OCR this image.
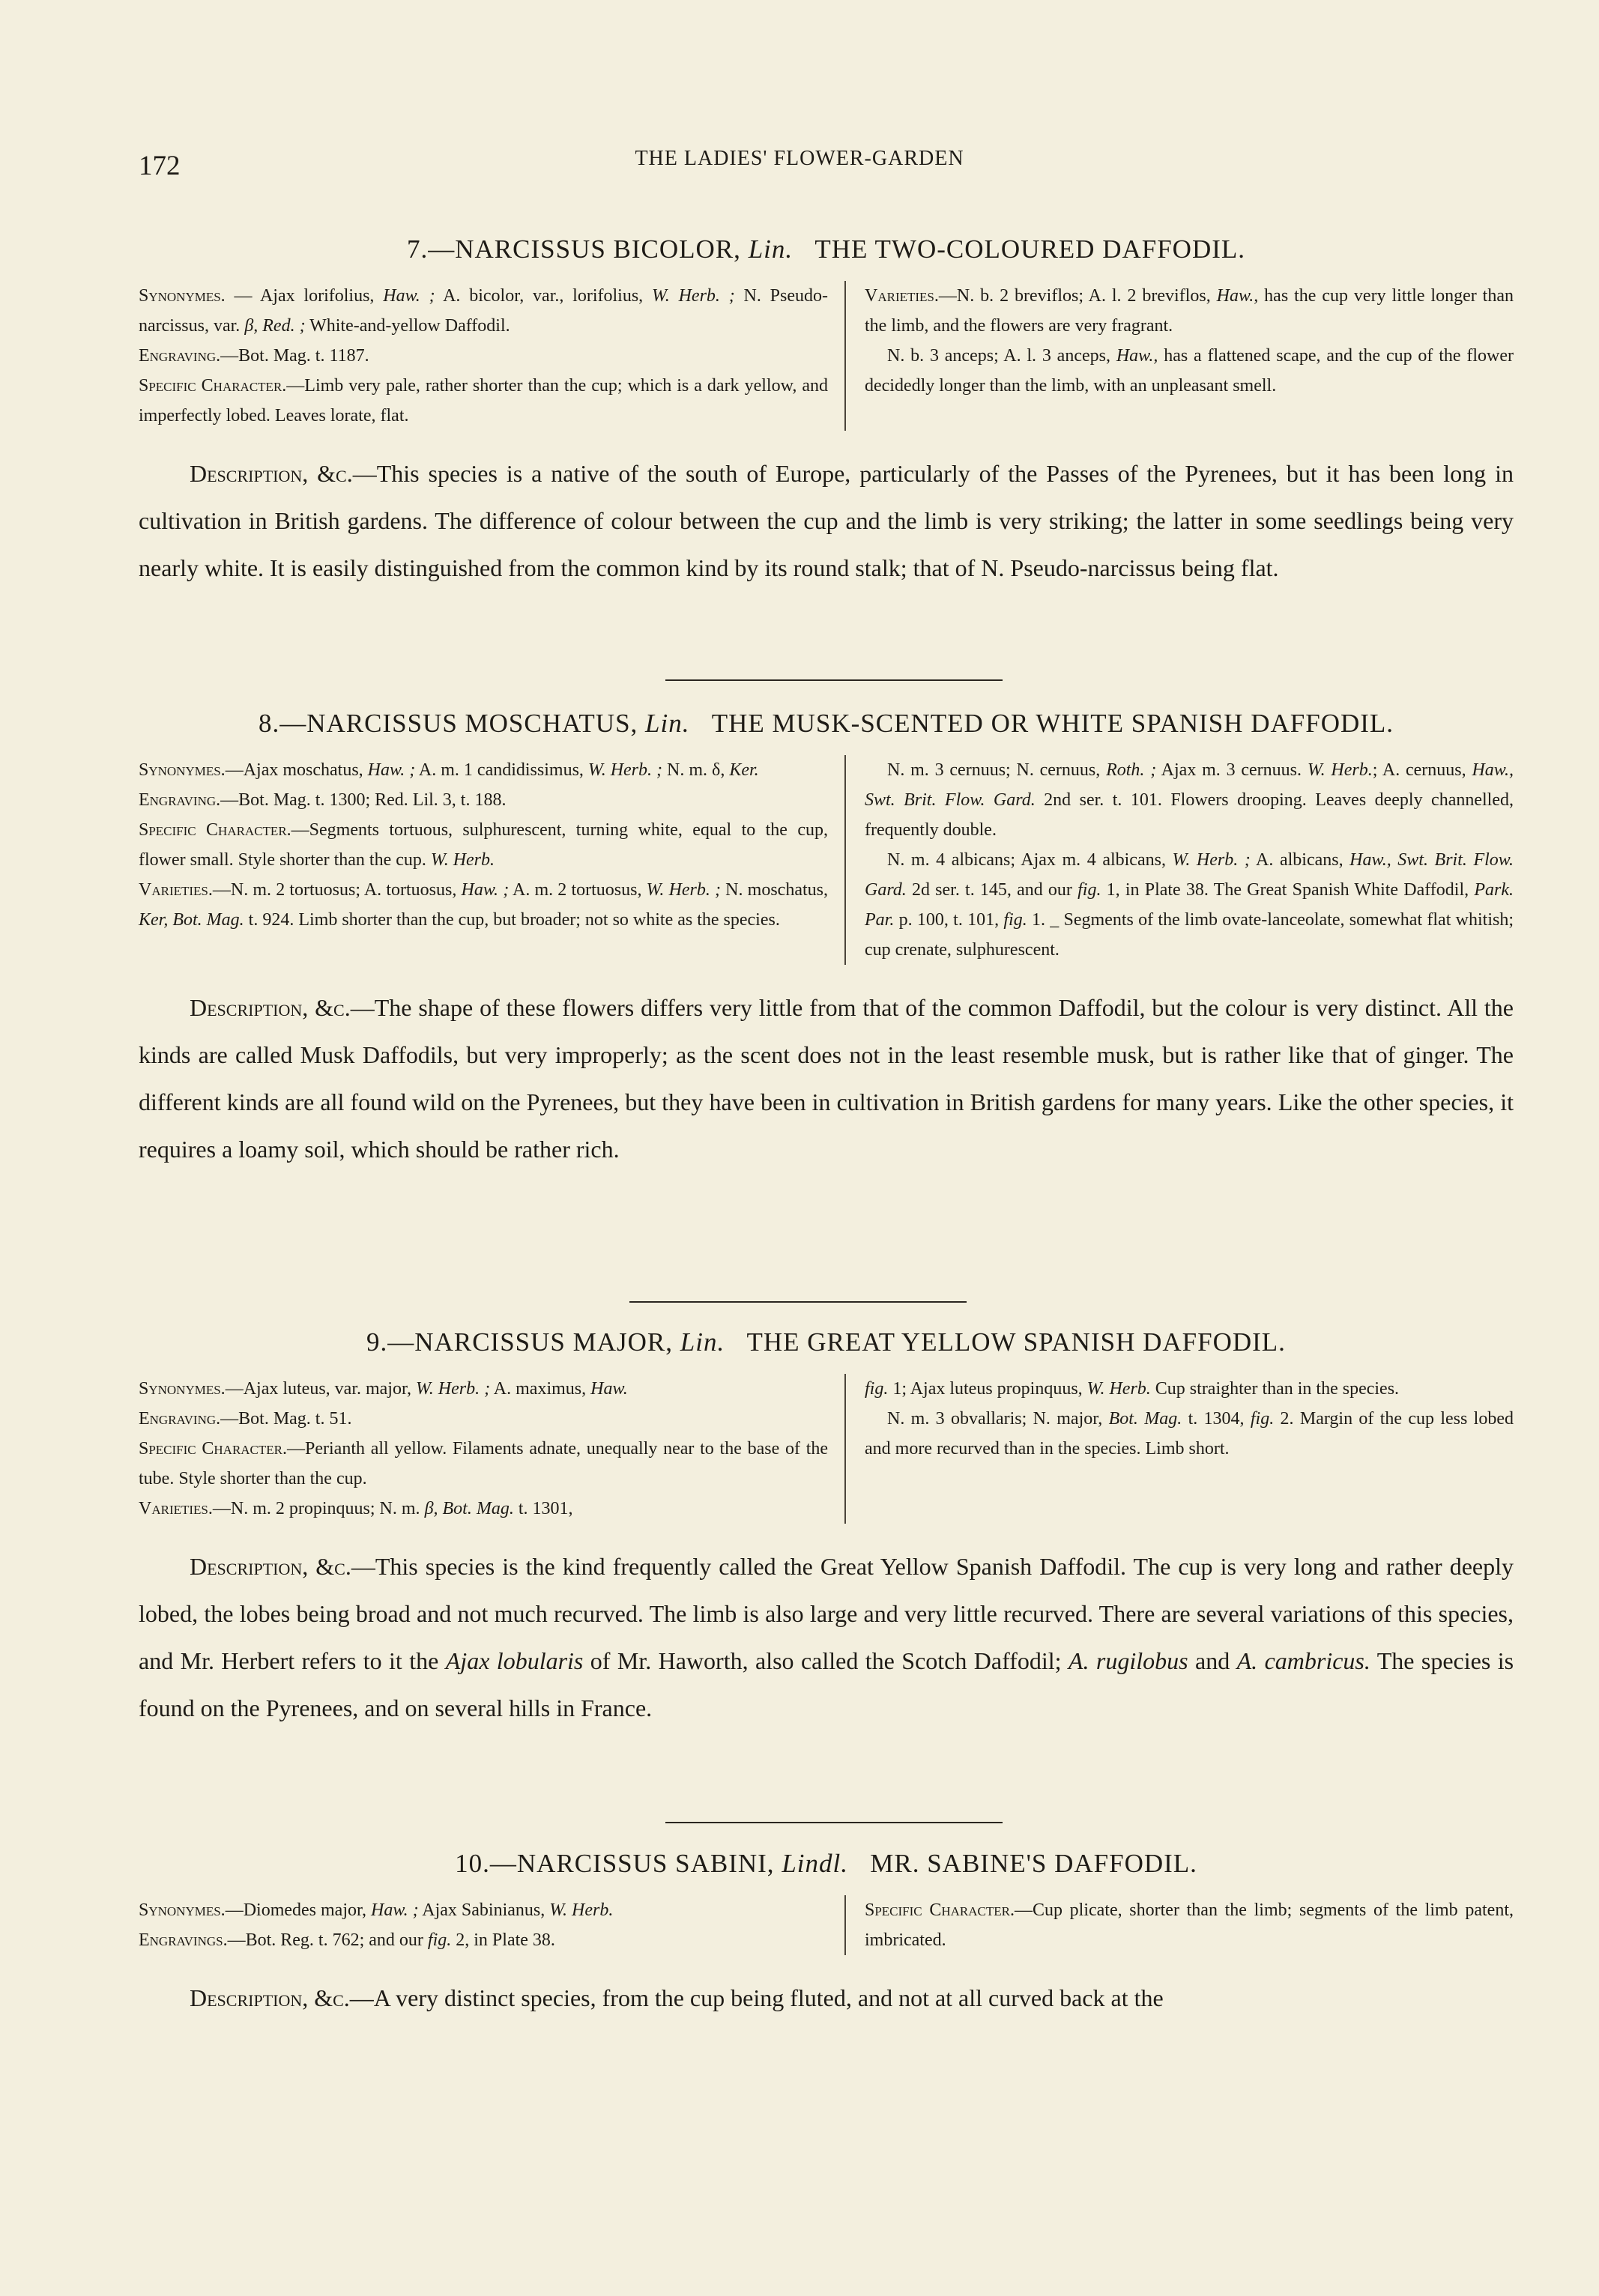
172	THE LADIES' FLOWER-GARDEN
7.—NARCISSUS BICOLOR, Lin. THE TWO-COLOURED DAFFODIL.

Synonymes. — Ajax lorifolius, Haw. ; A. bicolor, var., lorifolius, W. Herb. ; N. Pseudo-narcissus, var. β, Red. ; White-and-yellow Daffodil.

Engraving.—Bot. Mag. t. 1187.

Specific Character.—Limb very pale, rather shorter than the cup; which is a dark yellow, and imperfectly lobed. Leaves lorate, flat.

Varieties.—N. b. 2 breviflos; A. l. 2 breviflos, Haw., has the cup very little longer than the limb, and the flowers are very fragrant.

N. b. 3 anceps; A. l. 3 anceps, Haw., has a flattened scape, and the cup of the flower decidedly longer than the limb, with an unpleasant smell.

Description, &c.—This species is a native of the south of Europe, particularly of the Passes of the Pyrenees, but it has been long in cultivation in British gardens. The difference of colour between the cup and the limb is very striking; the latter in some seedlings being very nearly white. It is easily distinguished from the common kind by its round stalk; that of N. Pseudo-narcissus being flat.

8.—NARCISSUS MOSCHATUS, Lin. THE MUSK-SCENTED OR WHITE SPANISH DAFFODIL.

Synonymes.—Ajax moschatus, Haw. ; A. m. 1 candidissimus, W. Herb. ; N. m. δ, Ker.

Engraving.—Bot. Mag. t. 1300; Red. Lil. 3, t. 188.

Specific Character.—Segments tortuous, sulphurescent, turning white, equal to the cup, flower small. Style shorter than the cup. W. Herb.

Varieties.—N. m. 2 tortuosus; A. tortuosus, Haw. ; A. m. 2 tortuosus, W. Herb. ; N. moschatus, Ker, Bot. Mag. t. 924. Limb shorter than the cup, but broader; not so white as the species.

N. m. 3 cernuus; N. cernuus, Roth. ; Ajax m. 3 cernuus. W. Herb.; A. cernuus, Haw., Swt. Brit. Flow. Gard. 2nd ser. t. 101. Flowers drooping. Leaves deeply channelled, frequently double.

N. m. 4 albicans; Ajax m. 4 albicans, W. Herb. ; A. albicans, Haw., Swt. Brit. Flow. Gard. 2d ser. t. 145, and our fig. 1, in Plate 38. The Great Spanish White Daffodil, Park. Par. p. 100, t. 101, fig. 1. _ Segments of the limb ovate-lanceolate, somewhat flat whitish; cup crenate, sulphurescent.

Description, &c.—The shape of these flowers differs very little from that of the common Daffodil, but the colour is very distinct. All the kinds are called Musk Daffodils, but very improperly; as the scent does not in the least resemble musk, but is rather like that of ginger. The different kinds are all found wild on the Pyrenees, but they have been in cultivation in British gardens for many years. Like the other species, it requires a loamy soil, which should be rather rich.

9.—NARCISSUS MAJOR, Lin. THE GREAT YELLOW SPANISH DAFFODIL.

Synonymes.—Ajax luteus, var. major, W. Herb. ; A. maximus, Haw.

Engraving.—Bot. Mag. t. 51.

Specific Character.—Perianth all yellow. Filaments adnate, unequally near to the base of the tube. Style shorter than the cup.

Varieties.—N. m. 2 propinquus; N. m. β, Bot. Mag. t. 1301,

fig. 1; Ajax luteus propinquus, W. Herb. Cup straighter than in the species.

N. m. 3 obvallaris; N. major, Bot. Mag. t. 1304, fig. 2. Margin of the cup less lobed and more recurved than in the species. Limb short.

Description, &c.—This species is the kind frequently called the Great Yellow Spanish Daffodil. The cup is very long and rather deeply lobed, the lobes being broad and not much recurved. The limb is also large and very little recurved. There are several variations of this species, and Mr. Herbert refers to it the Ajax lobularis of Mr. Haworth, also called the Scotch Daffodil; A. rugilobus and A. cambricus. The species is found on the Pyrenees, and on several hills in France.

10.—NARCISSUS SABINI, Lindl. MR. SABINE'S DAFFODIL.

Synonymes.—Diomedes major, Haw. ; Ajax Sabinianus, W. Herb.

Engravings.—Bot. Reg. t. 762; and our fig. 2, in Plate 38.

Specific Character.—Cup plicate, shorter than the limb; segments of the limb patent, imbricated.

Description, &c.—A very distinct species, from the cup being fluted, and not at all curved back at the
